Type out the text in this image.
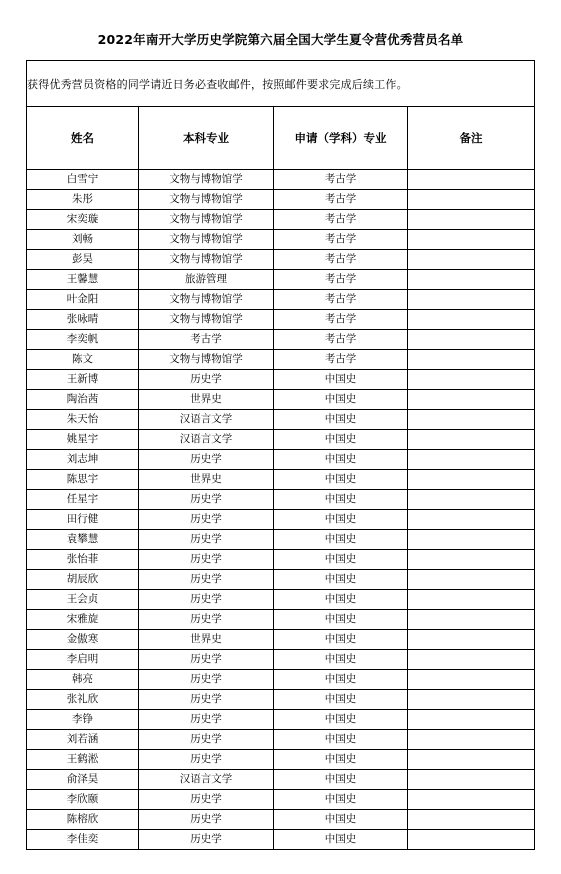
2022年南开大学历史学院第六届全国大学生夏令营优秀营员名单
获得优秀营员资格的同学请近日务必查收邮件，按照邮件要求完成后续工作。			
姓名	本科专业	申请（学科）专业	备注
白雪宁	文物与博物馆学	考古学	
朱彤	文物与博物馆学	考古学	
宋奕璇	文物与博物馆学	考古学	
刘畅	文物与博物馆学	考古学	
彭昊	文物与博物馆学	考古学	
王馨慧	旅游管理	考古学	
叶金阳	文物与博物馆学	考古学	
张咏晴	文物与博物馆学	考古学	
李奕帆	考古学	考古学	
陈文	文物与博物馆学	考古学	
王新博	历史学	中国史	
陶治茜	世界史	中国史	
朱天怡	汉语言文学	中国史	
姚星宇	汉语言文学	中国史	
刘志坤	历史学	中国史	
陈思宇	世界史	中国史	
任星宇	历史学	中国史	
田行健	历史学	中国史	
袁攀慧	历史学	中国史	
张怡菲	历史学	中国史	
胡辰欣	历史学	中国史	
王会贞	历史学	中国史	
宋雅旋	历史学	中国史	
金傲寒	世界史	中国史	
李启明	历史学	中国史	
韩亮	历史学	中国史	
张礼欣	历史学	中国史	
李铮	历史学	中国史	
刘若涵	历史学	中国史	
王鹤淞	历史学	中国史	
俞泽昊	汉语言文学	中国史	
李欣颐	历史学	中国史	
陈榕欣	历史学	中国史	
李佳奕	历史学	中国史	
